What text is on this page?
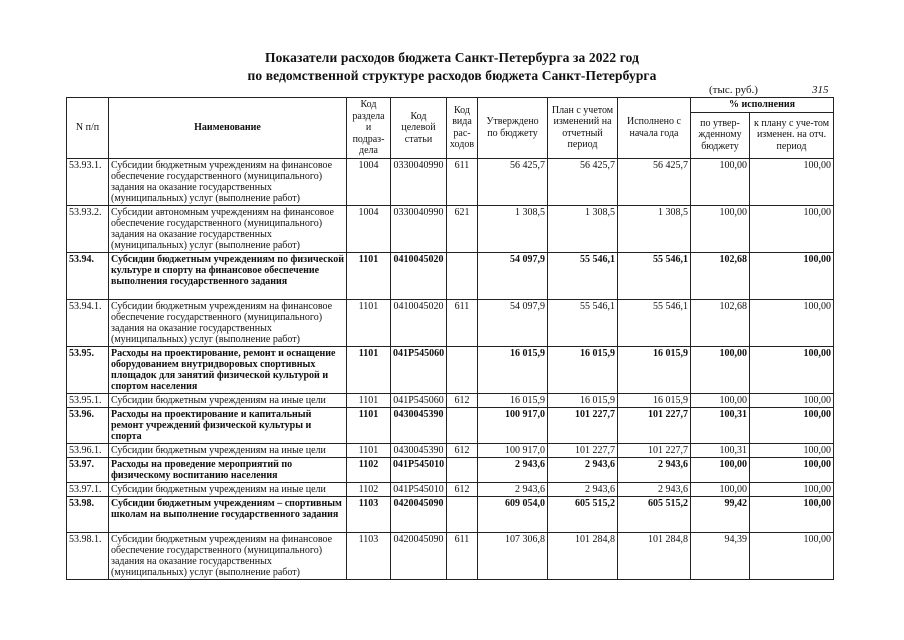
Показатели расходов бюджета Санкт-Петербурга за 2022 год
по ведомственной структуре расходов бюджета Санкт-Петербурга
(тыс. руб.)	315
N п/п	Наименование	Код раздела и подраз-дела	Код целевой статьи	Код вида рас-ходов	Утверждено по бюджету	План с учетом изменений на отчетный период	Исполнено с начала года	% исполнения	
								по утвер-жденному бюджету	к плану с уче-том изменен. на отч. период
53.93.1.	Субсидии бюджетным учреждениям на финансовое обеспечение государственного (муниципального) задания на оказание государственных (муниципальных) услуг (выполнение работ)	1004	0330040990	611	56 425,7	56 425,7	56 425,7	100,00	100,00
53.93.2.	Субсидии автономным учреждениям на финансовое обеспечение государственного (муниципального) задания на оказание государственных (муниципальных) услуг (выполнение работ)	1004	0330040990	621	1 308,5	1 308,5	1 308,5	100,00	100,00
53.94.	Субсидии бюджетным учреждениям по физической культуре и спорту на финансовое обеспечение выполнения государственного задания	1101	0410045020		54 097,9	55 546,1	55 546,1	102,68	100,00
53.94.1.	Субсидии бюджетным учреждениям на финансовое обеспечение государственного (муниципального) задания на оказание государственных (муниципальных) услуг (выполнение работ)	1101	0410045020	611	54 097,9	55 546,1	55 546,1	102,68	100,00
53.95.	Расходы на проектирование, ремонт и оснащение оборудованием внутридворовых спортивных площадок для занятий физической культурой и спортом населения	1101	041P545060		16 015,9	16 015,9	16 015,9	100,00	100,00
53.95.1.	Субсидии бюджетным учреждениям на иные цели	1101	041P545060	612	16 015,9	16 015,9	16 015,9	100,00	100,00
53.96.	Расходы на проектирование и капитальный ремонт учреждений физической культуры и спорта	1101	0430045390		100 917,0	101 227,7	101 227,7	100,31	100,00
53.96.1.	Субсидии бюджетным учреждениям на иные цели	1101	0430045390	612	100 917,0	101 227,7	101 227,7	100,31	100,00
53.97.	Расходы на проведение мероприятий по физическому воспитанию населения	1102	041P545010		2 943,6	2 943,6	2 943,6	100,00	100,00
53.97.1.	Субсидии бюджетным учреждениям на иные цели	1102	041P545010	612	2 943,6	2 943,6	2 943,6	100,00	100,00
53.98.	Субсидии бюджетным учреждениям – спортивным школам на выполнение государственного задания	1103	0420045090		609 054,0	605 515,2	605 515,2	99,42	100,00
53.98.1.	Субсидии бюджетным учреждениям на финансовое обеспечение государственного (муниципального) задания на оказание государственных (муниципальных) услуг (выполнение работ)	1103	0420045090	611	107 306,8	101 284,8	101 284,8	94,39	100,00
